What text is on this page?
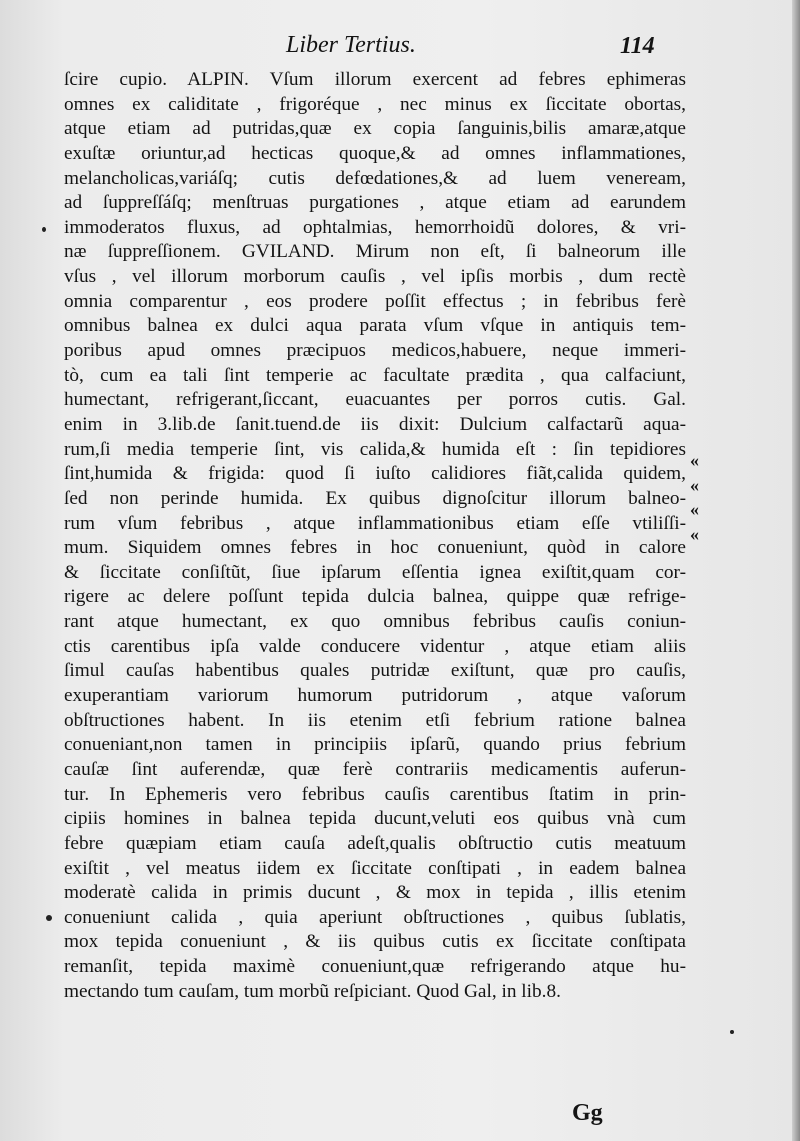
Liber Tertius.	114
ſcire cupio. ALPIN. Vſum illorum exercent ad febres ephimeras
omnes ex caliditate , frigoréque , nec minus ex ſiccitate obortas,
atque etiam ad putridas,quæ ex copia ſanguinis,bilis amaræ,atque
exuſtæ oriuntur,ad hecticas quoque,& ad omnes inflammationes,
melancholicas,variáſq; cutis defœdationes,& ad luem veneream,
ad ſuppreſſáſq; menſtruas purgationes , atque etiam ad earundem
immoderatos fluxus, ad ophtalmias, hemorrhoidũ dolores, & vri-
næ ſuppreſſionem. GVILAND. Mirum non eſt, ſi balneorum ille
vſus , vel illorum morborum cauſis , vel ipſis morbis , dum rectè
omnia comparentur , eos prodere poſſit effectus ; in febribus ferè
omnibus balnea ex dulci aqua parata vſum vſque in antiquis tem-
poribus apud omnes præcipuos medicos,habuere, neque immeri-
tò, cum ea tali ſint temperie ac facultate prædita , qua calfaciunt,
humectant, refrigerant,ſiccant, euacuantes per porros cutis. Gal.
enim in 3.lib.de ſanit.tuend.de iis dixit: Dulcium calfactarũ aqua-
rum,ſi media temperie ſint, vis calida,& humida eſt : ſin tepidiores
ſint,humida & frigida: quod ſi iuſto calidiores fiãt,calida quidem,
ſed non perinde humida. Ex quibus dignoſcitur illorum balneo-
rum vſum febribus , atque inflammationibus etiam eſſe vtiliſſi-
mum. Siquidem omnes febres in hoc conueniunt, quòd in calore
& ſiccitate conſiſtũt, ſiue ipſarum eſſentia ignea exiſtit,quam cor-
rigere ac delere poſſunt tepida dulcia balnea, quippe quæ refrige-
rant atque humectant, ex quo omnibus febribus cauſis coniun-
ctis carentibus ipſa valde conducere videntur , atque etiam aliis
ſimul cauſas habentibus quales putridæ exiſtunt, quæ pro cauſis,
exuperantiam variorum humorum putridorum , atque vaſorum
obſtructiones habent. In iis etenim etſi febrium ratione balnea
conueniant,non tamen in principiis ipſarũ, quando prius febrium
cauſæ ſint auferendæ, quæ ferè contrariis medicamentis auferun-
tur. In Ephemeris vero febribus cauſis carentibus ſtatim in prin-
cipiis homines in balnea tepida ducunt,veluti eos quibus vnà cum
febre quæpiam etiam cauſa adeſt,qualis obſtructio cutis meatuum
exiſtit , vel meatus iidem ex ſiccitate conſtipati , in eadem balnea
moderatè calida in primis ducunt , & mox in tepida , illis etenim
conueniunt calida , quia aperiunt obſtructiones , quibus ſublatis,
mox tepida conueniunt , & iis quibus cutis ex ſiccitate conſtipata
remanſit, tepida maximè conueniunt,quæ refrigerando atque hu-
mectando tum cauſam, tum morbũ reſpiciant. Quod Gal, in lib.8.
«
«
«
«
Gg
